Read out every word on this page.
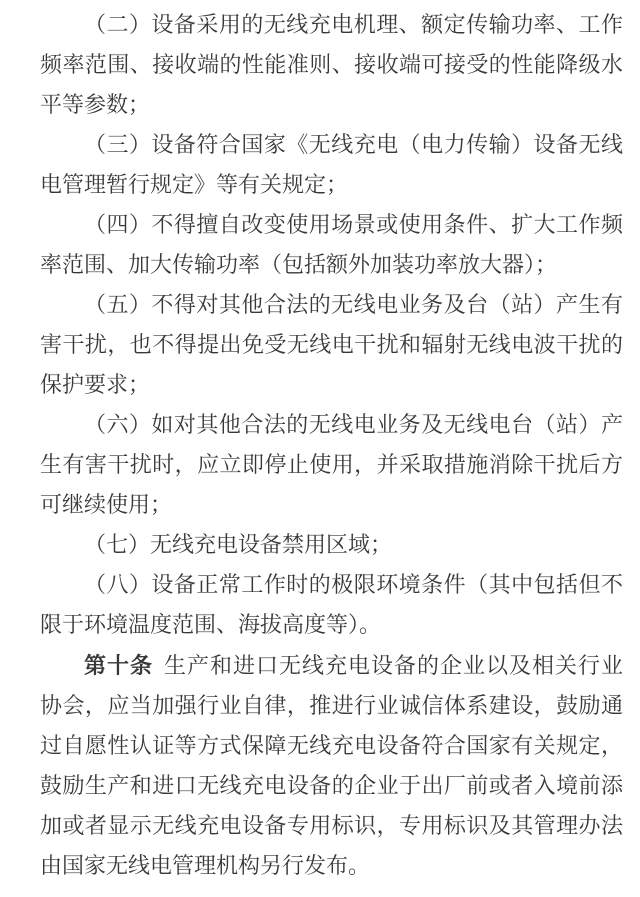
（二）设备采用的无线充电机理、额定传输功率、工作频率范围、接收端的性能准则、接收端可接受的性能降级水平等参数；

（三）设备符合国家《无线充电（电力传输）设备无线电管理暂行规定》等有关规定；

（四）不得擅自改变使用场景或使用条件、扩大工作频率范围、加大传输功率（包括额外加装功率放大器）；

（五）不得对其他合法的无线电业务及台（站）产生有害干扰，也不得提出免受无线电干扰和辐射无线电波干扰的保护要求；

（六）如对其他合法的无线电业务及无线电台（站）产生有害干扰时，应立即停止使用，并采取措施消除干扰后方可继续使用；

（七）无线充电设备禁用区域；

（八）设备正常工作时的极限环境条件（其中包括但不限于环境温度范围、海拔高度等）。

第十条 生产和进口无线充电设备的企业以及相关行业协会，应当加强行业自律，推进行业诚信体系建设，鼓励通过自愿性认证等方式保障无线充电设备符合国家有关规定，鼓励生产和进口无线充电设备的企业于出厂前或者入境前添加或者显示无线充电设备专用标识，专用标识及其管理办法由国家无线电管理机构另行发布。
